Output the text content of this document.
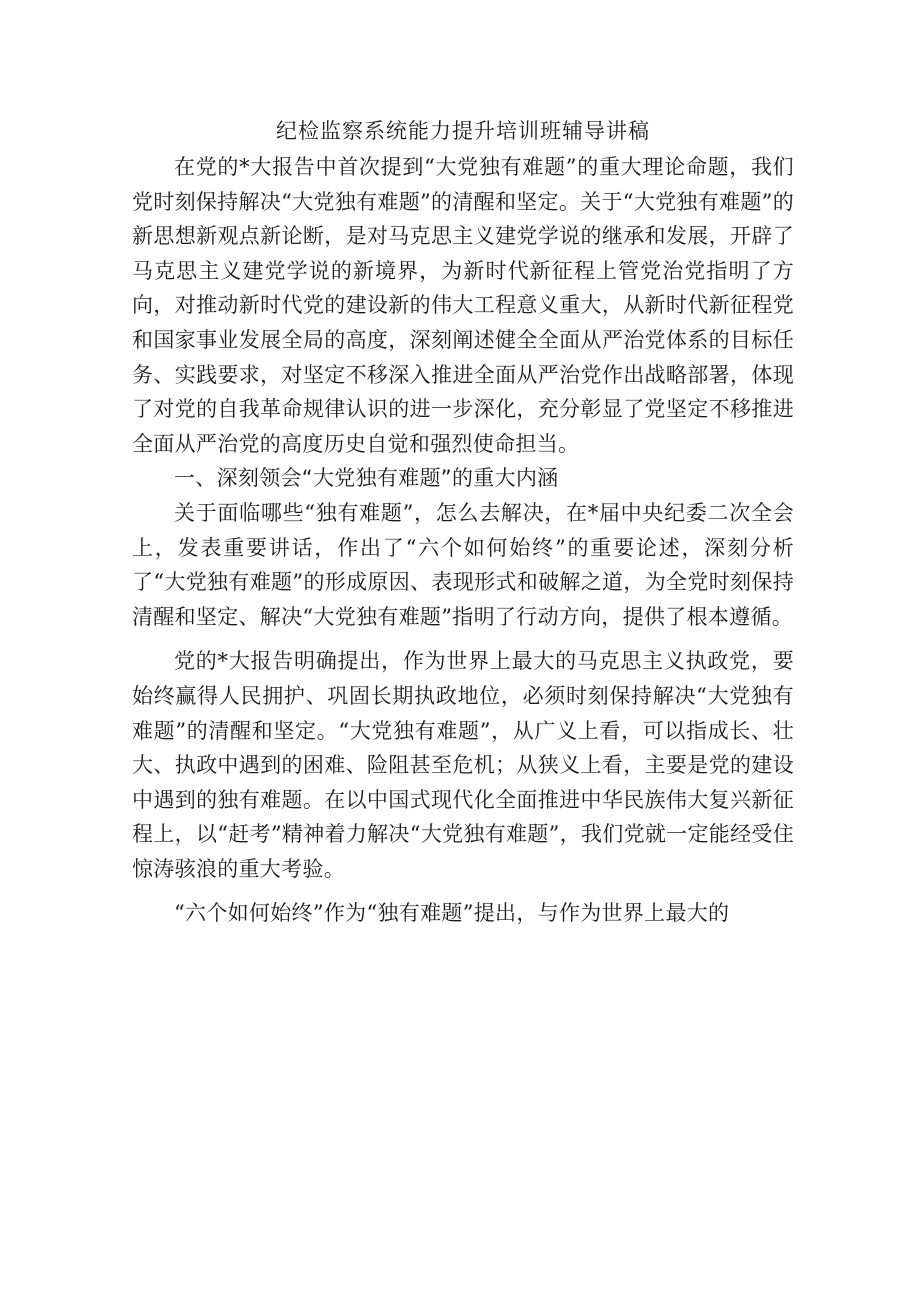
纪检监察系统能力提升培训班辅导讲稿

在党的*大报告中首次提到“大党独有难题”的重大理论命题，我们党时刻保持解决“大党独有难题”的清醒和坚定。关于“大党独有难题”的新思想新观点新论断，是对马克思主义建党学说的继承和发展，开辟了马克思主义建党学说的新境界，为新时代新征程上管党治党指明了方向，对推动新时代党的建设新的伟大工程意义重大，从新时代新征程党和国家事业发展全局的高度，深刻阐述健全全面从严治党体系的目标任务、实践要求，对坚定不移深入推进全面从严治党作出战略部署，体现了对党的自我革命规律认识的进一步深化，充分彰显了党坚定不移推进全面从严治党的高度历史自觉和强烈使命担当。

一、深刻领会“大党独有难题”的重大内涵

关于面临哪些“独有难题”，怎么去解决，在*届中央纪委二次全会上，发表重要讲话，作出了“六个如何始终”的重要论述，深刻分析了“大党独有难题”的形成原因、表现形式和破解之道，为全党时刻保持清醒和坚定、解决“大党独有难题”指明了行动方向，提供了根本遵循。

党的*大报告明确提出，作为世界上最大的马克思主义执政党，要始终赢得人民拥护、巩固长期执政地位，必须时刻保持解决“大党独有难题”的清醒和坚定。“大党独有难题”，从广义上看，可以指成长、壮大、执政中遇到的困难、险阻甚至危机；从狭义上看，主要是党的建设中遇到的独有难题。在以中国式现代化全面推进中华民族伟大复兴新征程上，以“赶考”精神着力解决“大党独有难题”，我们党就一定能经受住惊涛骇浪的重大考验。

“六个如何始终”作为“独有难题”提出，与作为世界上最大的
